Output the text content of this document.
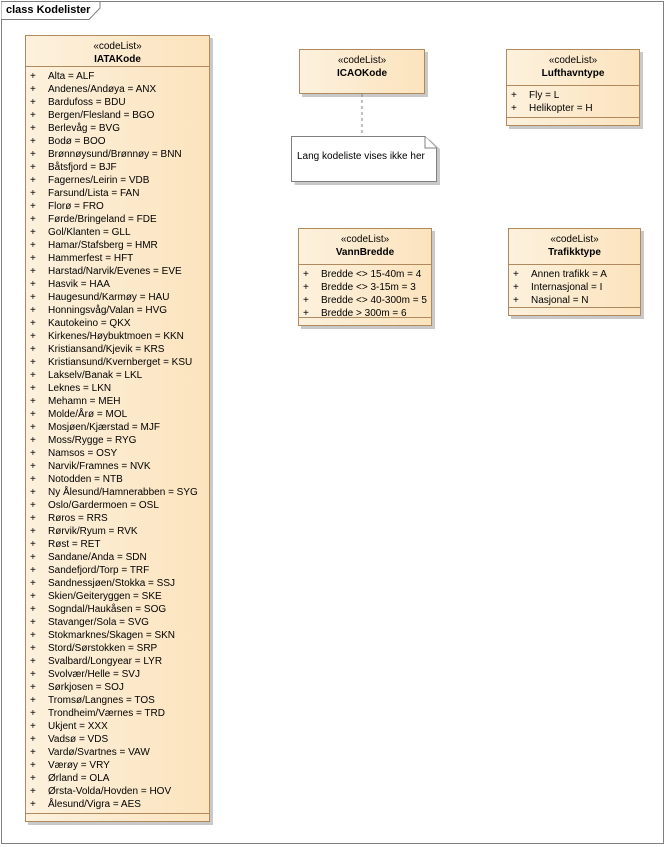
class Kodelister
«codeList»
IATAKode
+ Alta = ALF
+ Andenes/Andøya = ANX
+ Bardufoss = BDU
+ Bergen/Flesland = BGO
+ Berlevåg = BVG
+ Bodø = BOO
+ Brønnøysund/Brønnøy = BNN
+ Båtsfjord = BJF
+ Fagernes/Leirin = VDB
+ Farsund/Lista = FAN
+ Florø = FRO
+ Førde/Bringeland = FDE
+ Gol/Klanten = GLL
+ Hamar/Stafsberg = HMR
+ Hammerfest = HFT
+ Harstad/Narvik/Evenes = EVE
+ Hasvik = HAA
+ Haugesund/Karmøy = HAU
+ Honningsvåg/Valan = HVG
+ Kautokeino = QKX
+ Kirkenes/Høybuktmoen = KKN
+ Kristiansand/Kjevik = KRS
+ Kristiansund/Kvernberget = KSU
+ Lakselv/Banak = LKL
+ Leknes = LKN
+ Mehamn = MEH
+ Molde/Årø = MOL
+ Mosjøen/Kjærstad = MJF
+ Moss/Rygge = RYG
+ Namsos = OSY
+ Narvik/Framnes = NVK
+ Notodden = NTB
+ Ny Ålesund/Hamnerabben = SYG
+ Oslo/Gardermoen = OSL
+ Røros = RRS
+ Rørvik/Ryum = RVK
+ Røst = RET
+ Sandane/Anda = SDN
+ Sandefjord/Torp = TRF
+ Sandnessjøen/Stokka = SSJ
+ Skien/Geiteryggen = SKE
+ Sogndal/Haukåsen = SOG
+ Stavanger/Sola = SVG
+ Stokmarknes/Skagen = SKN
+ Stord/Sørstokken = SRP
+ Svalbard/Longyear = LYR
+ Svolvær/Helle = SVJ
+ Sørkjosen = SOJ
+ Tromsø/Langnes = TOS
+ Trondheim/Værnes = TRD
+ Ukjent = XXX
+ Vadsø = VDS
+ Vardø/Svartnes = VAW
+ Værøy = VRY
+ Ørland = OLA
+ Ørsta-Volda/Hovden = HOV
+ Ålesund/Vigra = AES
«codeList»
ICAOKode
«codeList»
Lufthavntype
+ Fly = L
+ Helikopter = H
«codeList»
VannBredde
+ Bredde <> 15-40m = 4
+ Bredde <> 3-15m = 3
+ Bredde <> 40-300m = 5
+ Bredde > 300m = 6
«codeList»
Trafikktype
+ Annen trafikk = A
+ Internasjonal = I
+ Nasjonal = N
Lang kodeliste vises ikke her
